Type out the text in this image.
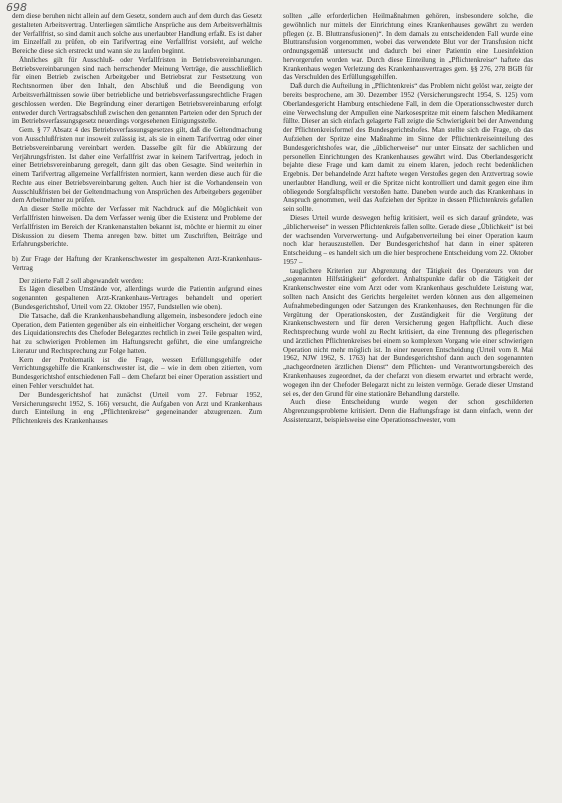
698

dem diese beruhen nicht allein auf dem Gesetz, sondern auch auf dem durch das Gesetz gestalteten Arbeitsvertrag. Unterliegen sämtliche Ansprüche aus dem Arbeitsverhältnis der Verfallfrist, so sind damit auch solche aus unerlaubter Handlung erfaßt. Es ist daher im Einzelfall zu prüfen, ob ein Tarifvertrag eine Verfallfrist vorsieht, auf welche Bereiche diese sich erstreckt und wann sie zu laufen beginnt.

Ähnliches gilt für Ausschluß- oder Verfallfristen in Betriebsvereinbarungen. Betriebsvereinbarungen sind nach herrschender Meinung Verträge, die ausschließlich für einen Betrieb zwischen Arbeitgeber und Betriebsrat zur Festsetzung von Rechtsnormen über den Inhalt, den Abschluß und die Beendigung von Arbeitsverhältnissen sowie über betriebliche und betriebsverfassungsrechtliche Fragen geschlossen werden. Die Begründung einer derartigen Betriebsvereinbarung erfolgt entweder durch Vertragsabschluß zwischen den genannten Parteien oder den Spruch der im Betriebsverfassungsgesetz neuerdings vorgesehenen Einigungsstelle.

Gem. § 77 Absatz 4 des Betriebsverfassungsgesetzes gilt, daß die Geltendmachung von Ausschlußfristen nur insoweit zulässig ist, als sie in einem Tarifvertrag oder einer Betriebsvereinbarung vereinbart werden. Dasselbe gilt für die Abkürzung der Verjährungsfristen. Ist daher eine Verfallfrist zwar in keinem Tarifvertrag, jedoch in einer Betriebsvereinbarung geregelt, dann gilt das oben Gesagte. Sind weiterhin in einem Tarifvertrag allgemeine Verfallfristen normiert, kann werden diese auch für die Rechte aus einer Betriebsvereinbarung gelten. Auch hier ist die Vorhandensein von Ausschlußfristen bei der Geltendmachung von Ansprüchen des Arbeitgebers gegenüber dem Arbeitnehmer zu prüfen.

An dieser Stelle möchte der Verfasser mit Nachdruck auf die Möglichkeit von Verfallfristen hinweisen. Da dem Verfasser wenig über die Existenz und Probleme der Verfallfristen im Bereich der Krankenanstalten bekannt ist, möchte er hiermit zu einer Diskussion zu diesem Thema anregen bzw. bittet um Zuschriften, Beiträge und Erfahrungsberichte.

b) Zur Frage der Haftung der Krankenschwester im gespaltenen Arzt-Krankenhaus-Vertrag

Der zitierte Fall 2 soll abgewandelt werden:

Es lägen dieselben Umstände vor, allerdings wurde die Patientin aufgrund eines sogenannten gespaltenen Arzt-Krankenhaus-Vertrages behandelt und operiert (Bundesgerichtshof, Urteil vom 22. Oktober 1957, Fundstellen wie oben).

Die Tatsache, daß die Krankenhausbehandlung allgemein, insbesondere jedoch eine Operation, dem Patienten gegenüber als ein einheitlicher Vorgang erscheint, der wegen des Liquidationsrechts des Chefoder Belegarztes rechtlich in zwei Teile gespalten wird, hat zu schwierigen Problemen im Haftungsrecht geführt, die eine umfangreiche Literatur und Rechtsprechung zur Folge hatten.

Kern der Problematik ist die Frage, wessen Erfüllungsgehilfe oder Verrichtungsgehilfe die Krankenschwester ist, die – wie in dem oben zitierten, vom Bundesgerichtshof entschiedenen Fall – dem Chefarzt bei einer Operation assistiert und einen Fehler verschuldet hat.

Der Bundesgerichtshof hat zunächst (Urteil vom 27. Februar 1952, Versicherungsrecht 1952, S. 166) versucht, die Aufgaben von Arzt und Krankenhaus durch Einteilung in eng „Pflichtenkreise“ gegeneinander abzugrenzen. Zum Pflichtenkreis des Krankenhauses

sollten „alle erforderlichen Heilmaßnahmen gehören, insbesondere solche, die gewöhnlich nur mittels der Einrichtung eines Krankenhauses gewährt zu werden pflegen (z. B. Bluttransfusionen)“. In dem damals zu entscheidenden Fall wurde eine Bluttransfusion vorgenommen, wobei das verwendete Blut vor der Transfusion nicht ordnungsgemäß untersucht und dadurch bei einer Patientin eine Luesinfektion hervorgerufen worden war. Durch diese Einteilung in „Pflichtenkreise“ haftete das Krankenhaus wegen Verletzung des Krankenhausvertrages gem. §§ 276, 278 BGB für das Verschulden des Erfüllungsgehilfen.

Daß durch die Aufteilung in „Pflichtenkreis“ das Problem nicht gelöst war, zeigte der bereits besprochene, am 30. Dezember 1952 (Versicherungsrecht 1954, S. 125) vom Oberlandesgericht Hamburg entschiedene Fall, in dem die Operationsschwester durch eine Verwechslung der Ampullen eine Narkosespritze mit einem falschen Medikament füllte. Dieser an sich einfach gelagerte Fall zeigte die Schwierigkeit bei der Anwendung der Pflichtenkreisformel des Bundesgerichtshofes. Man stellte sich die Frage, ob das Aufziehen der Spritze eine Maßnahme im Sinne der Pflichtenkreiseinteilung des Bundesgerichtshofes war, die „üblicherweise“ nur unter Einsatz der sachlichen und personellen Einrichtungen des Krankenhauses gewährt wird. Das Oberlandesgericht bejahte diese Frage und kam damit zu einem klaren, jedoch recht bedenklichen Ergebnis. Der behandelnde Arzt haftete wegen Verstoßes gegen den Arztvertrag sowie unerlaubter Handlung, weil er die Spritze nicht kontrolliert und damit gegen eine ihm obliegende Sorgfaltspflicht verstoßen hatte. Daneben wurde auch das Krankenhaus in Anspruch genommen, weil das Aufziehen der Spritze in dessen Pflichtenkreis gefallen sein sollte.

Dieses Urteil wurde deswegen heftig kritisiert, weil es sich darauf gründete, was „üblicherweise“ in wessen Pflichtenkreis fallen sollte. Gerade diese „Üblichkeit“ ist bei der wachsenden Vorverwertung- und Aufgabenverteilung bei einer Operation kaum noch klar herauszustellen. Der Bundesgerichtshof hat dann in einer späteren Entscheidung – es handelt sich um die hier besprochene Entscheidung vom 22. Oktober 1957 –

tauglichere Kriterien zur Abgrenzung der Tätigkeit des Operateurs von der „sogenannten Hilfstätigkeit“ gefordert. Anhaltspunkte dafür ob die Tätigkeit der Krankenschwester eine vom Arzt oder vom Krankenhaus geschuldete Leistung war, sollten nach Ansicht des Gerichts hergeleitet werden können aus den allgemeinen Aufnahmebedingungen oder Satzungen des Krankenhauses, den Rechnungen für die Vergütung der Operationskosten, der Zuständigkeit für die Vergütung der Krankenschwestern und für deren Versicherung gegen Haftpflicht. Auch diese Rechtsprechung wurde wohl zu Recht kritisiert, da eine Trennung des pflegerischen und ärztlichen Pflichtenkreises bei einem so komplexen Vorgang wie einer schwierigen Operation nicht mehr möglich ist. In einer neueren Entscheidung (Urteil vom 8. Mai 1962, NJW 1962, S. 1763) hat der Bundesgerichtshof dann auch den sogenannten „nachgeordneten ärztlichen Dienst“ dem Pflichten- und Verantwortungsbereich des Krankenhauses zugeordnet, da der chefarzt von diesem erwartet und erbracht werde, wogegen ihn der Chefoder Belegarzt nicht zu leisten vermöge. Gerade dieser Umstand sei es, der den Grund für eine stationäre Behandlung darstelle.

Auch diese Entscheidung wurde wegen der schon geschilderten Abgrenzungsprobleme kritisiert. Denn die Haftungsfrage ist dann einfach, wenn der Assistenzarzt, beispielsweise eine Operationsschwester, vom
